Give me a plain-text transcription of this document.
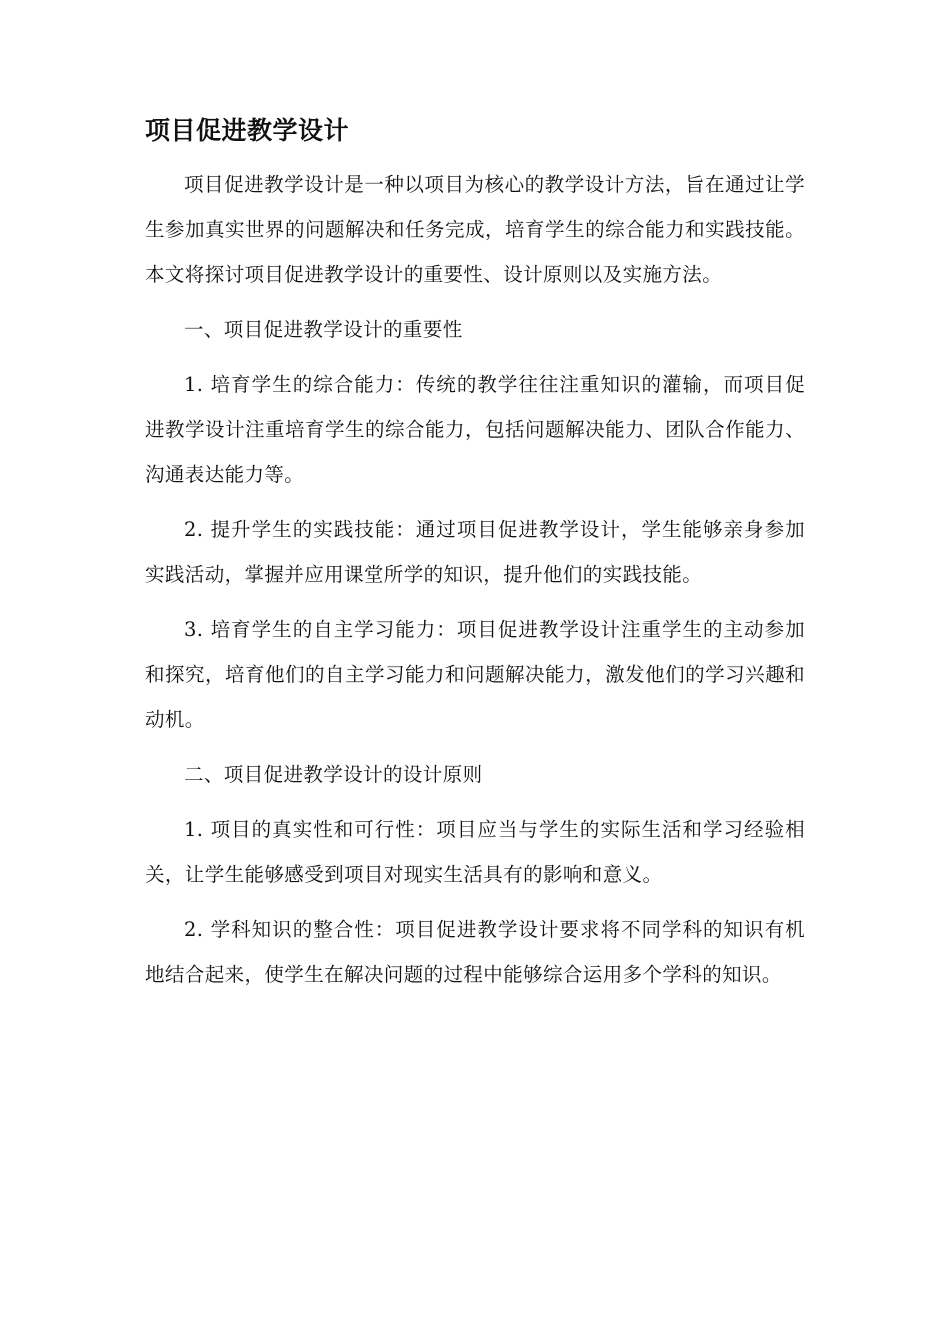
项目促进教学设计

项目促进教学设计是一种以项目为核心的教学设计方法，旨在通过让学生参加真实世界的问题解决和任务完成，培育学生的综合能力和实践技能。本文将探讨项目促进教学设计的重要性、设计原则以及实施方法。

一、项目促进教学设计的重要性

1. 培育学生的综合能力：传统的教学往往注重知识的灌输，而项目促进教学设计注重培育学生的综合能力，包括问题解决能力、团队合作能力、沟通表达能力等。

2. 提升学生的实践技能：通过项目促进教学设计，学生能够亲身参加实践活动，掌握并应用课堂所学的知识，提升他们的实践技能。

3. 培育学生的自主学习能力：项目促进教学设计注重学生的主动参加和探究，培育他们的自主学习能力和问题解决能力，激发他们的学习兴趣和动机。

二、项目促进教学设计的设计原则

1. 项目的真实性和可行性：项目应当与学生的实际生活和学习经验相关，让学生能够感受到项目对现实生活具有的影响和意义。

2. 学科知识的整合性：项目促进教学设计要求将不同学科的知识有机地结合起来，使学生在解决问题的过程中能够综合运用多个学科的知识。
